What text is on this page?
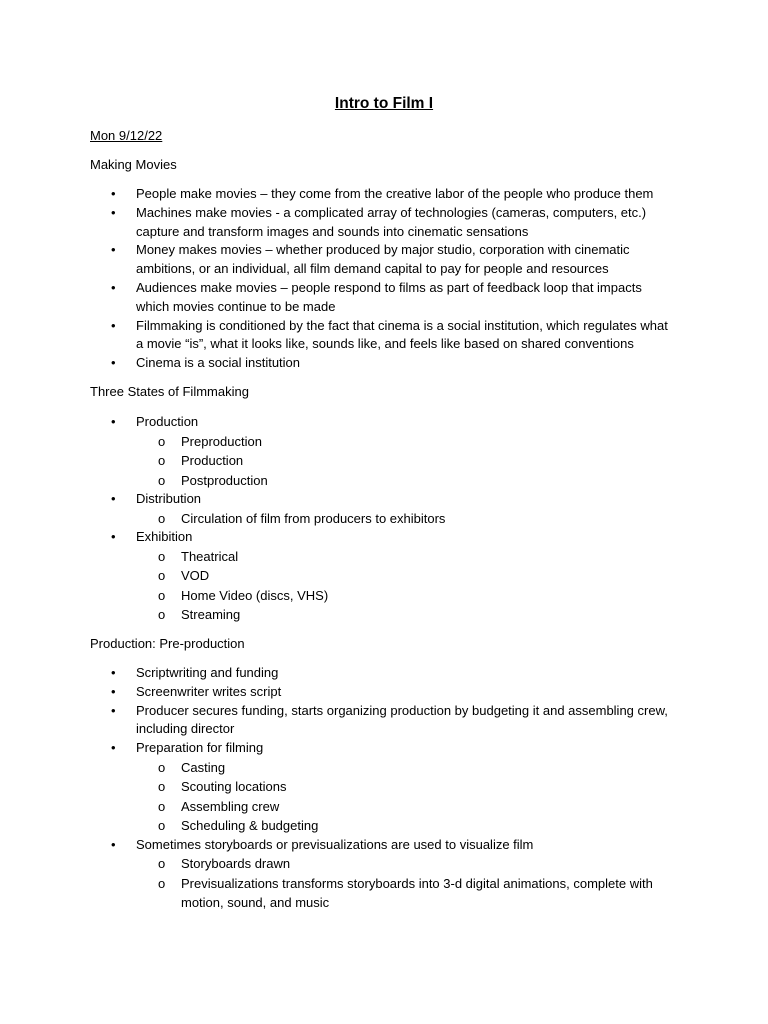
Intro to Film I
Mon 9/12/22
Making Movies
• People make movies – they come from the creative labor of the people who produce them
• Machines make movies - a complicated array of technologies (cameras, computers, etc.) capture and transform images and sounds into cinematic sensations
• Money makes movies – whether produced by major studio, corporation with cinematic ambitions, or an individual, all film demand capital to pay for people and resources
• Audiences make movies – people respond to films as part of feedback loop that impacts which movies continue to be made
• Filmmaking is conditioned by the fact that cinema is a social institution, which regulates what a movie “is”, what it looks like, sounds like, and feels like based on shared conventions
• Cinema is a social institution
Three States of Filmmaking
• Production
o Preproduction
o Production
o Postproduction
• Distribution
o Circulation of film from producers to exhibitors
• Exhibition
o Theatrical
o VOD
o Home Video (discs, VHS)
o Streaming
Production: Pre-production
• Scriptwriting and funding
• Screenwriter writes script
• Producer secures funding, starts organizing production by budgeting it and assembling crew, including director
• Preparation for filming
o Casting
o Scouting locations
o Assembling crew
o Scheduling & budgeting
• Sometimes storyboards or previsualizations are used to visualize film
o Storyboards drawn
o Previsualizations transforms storyboards into 3-d digital animations, complete with motion, sound, and music
